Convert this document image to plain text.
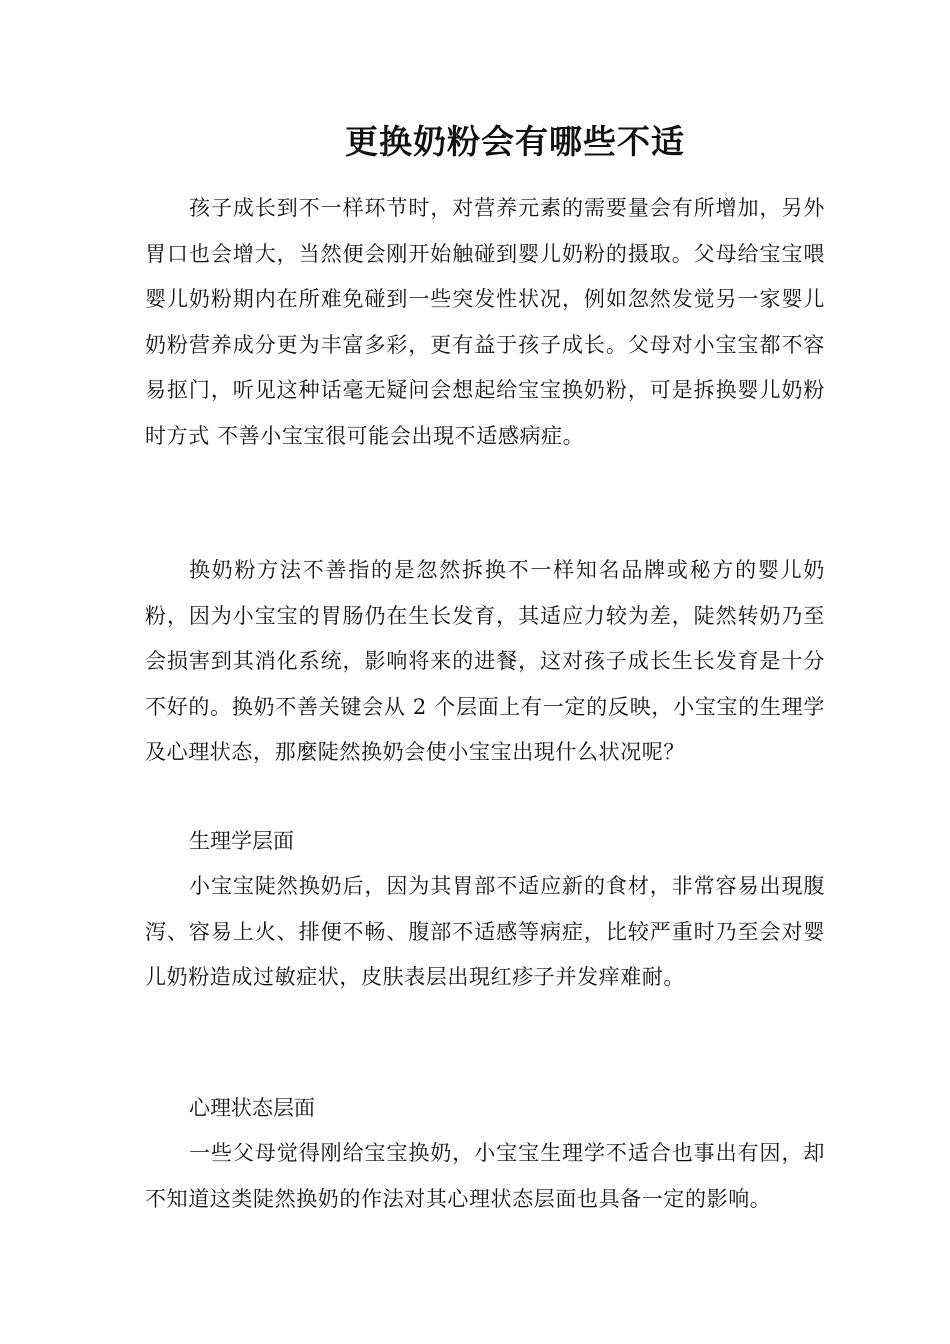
更换奶粉会有哪些不适

孩子成长到不一样环节时，对营养元素的需要量会有所增加，另外胃口也会增大，当然便会刚开始触碰到婴儿奶粉的摄取。父母给宝宝喂婴儿奶粉期内在所难免碰到一些突发性状况，例如忽然发觉另一家婴儿奶粉营养成分更为丰富多彩，更有益于孩子成长。父母对小宝宝都不容易抠门，听见这种话毫无疑问会想起给宝宝换奶粉，可是拆换婴儿奶粉时方式 不善小宝宝很可能会出現不适感病症。

换奶粉方法不善指的是忽然拆换不一样知名品牌或秘方的婴儿奶粉，因为小宝宝的胃肠仍在生长发育，其适应力较为差，陡然转奶乃至会损害到其消化系统，影响将来的进餐，这对孩子成长生长发育是十分不好的。换奶不善关键会从 2 个层面上有一定的反映，小宝宝的生理学及心理状态，那麼陡然换奶会使小宝宝出現什么状况呢？

生理学层面

小宝宝陡然换奶后，因为其胃部不适应新的食材，非常容易出現腹泻、容易上火、排便不畅、腹部不适感等病症，比较严重时乃至会对婴儿奶粉造成过敏症状，皮肤表层出現红疹子并发痒难耐。

心理状态层面

一些父母觉得刚给宝宝换奶，小宝宝生理学不适合也事出有因，却不知道这类陡然换奶的作法对其心理状态层面也具备一定的影响。
